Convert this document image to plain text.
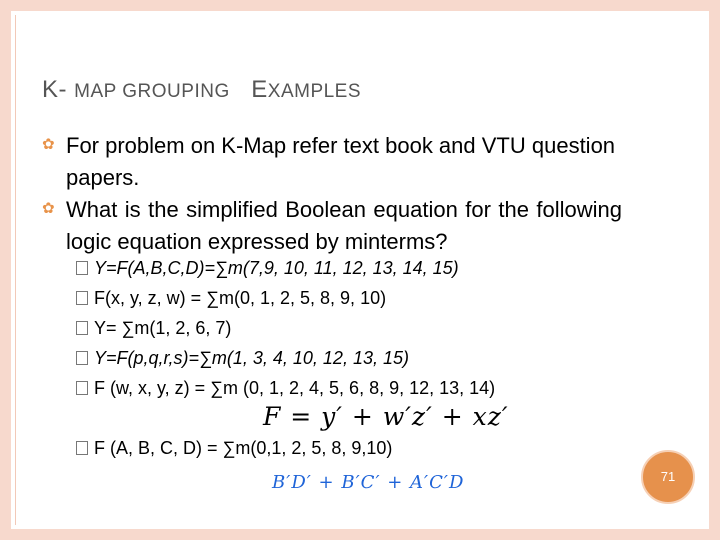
K- MAP GROUPING EXAMPLES
✿ For problem on K-Map refer text book and VTU question papers.
✿ What is the simplified Boolean equation for the following logic equation expressed by minterms?
Y=F(A,B,C,D)=∑m(7,9, 10, 11, 12, 13, 14, 15)
F(x, y, z, w) = ∑m(0, 1, 2, 5, 8, 9, 10)
Y= ∑m(1, 2, 6, 7)
Y=F(p,q,r,s)=∑m(1, 3, 4, 10, 12, 13, 15)
F (w, x, y, z) = ∑m (0, 1, 2, 4, 5, 6, 8, 9, 12, 13, 14)
F = y′ + w′z′ + xz′
F (A, B, C, D) = ∑m(0,1, 2, 5, 8, 9,10)
B′D′ + B′C′ + A′C′D	71
